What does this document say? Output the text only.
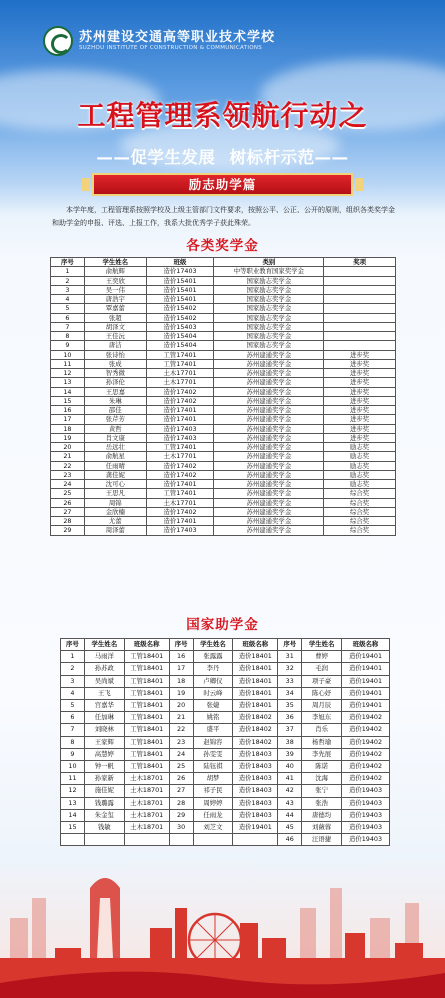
苏州建设交通高等职业技术学校
SUZHOU INSTITUTE OF CONSTRUCTION & COMMUNICATIONS
工程管理系领航行动之
——促学生发展 树标杆示范——
励志助学篇
本学年度，工程管理系按照学校及上级主管部门文件要求，按照公平、公正、公开的原则，组织各类奖学金和助学金的申报、评选、上报工作，我系大批优秀学子获此殊荣。
各类奖学金
序号	学生姓名	班级	类别	奖项
1	俞航辉	造价17403	中等职业教育国家奖学金	
2	王奕欣	造价15401	国家励志奖学金	
3	吴一伟	造价15401	国家励志奖学金	
4	唐浩宇	造价15401	国家励志奖学金	
5	覃嘉蕾	造价15402	国家励志奖学金	
6	张超	造价15402	国家励志奖学金	
7	胡泽文	造价15403	国家励志奖学金	
8	王佳沅	造价15404	国家励志奖学金	
9	唐洁	造价15404	国家励志奖学金	
10	张诗怡	工管17401	苏州建通奖学金	进步奖
11	张成	工管17401	苏州建通奖学金	进步奖
12	智秀微	土木17701	苏州建通奖学金	进步奖
13	孙泽伦	土木17701	苏州建通奖学金	进步奖
14	王思嘉	造价17402	苏州建通奖学金	进步奖
15	朱琳	造价17402	苏州建通奖学金	进步奖
16	邵佳	造价17401	苏州建通奖学金	进步奖
17	张芹芳	造价17401	苏州建通奖学金	进步奖
18	黄哲	造价17403	苏州建通奖学金	进步奖
19	肖文康	造价17403	苏州建通奖学金	进步奖
20	岳远壮	工管17401	苏州建通奖学金	励志奖
21	俞航星	土木17701	苏州建通奖学金	励志奖
22	任雨晴	造价17402	苏州建通奖学金	励志奖
23	龚佳妮	造价17402	苏州建通奖学金	励志奖
24	沈可心	造价17401	苏州建通奖学金	励志奖
25	王思凡	工管17401	苏州建通奖学金	综合奖
26	周锦	土木17701	苏州建通奖学金	综合奖
27	金欣楠	造价17402	苏州建通奖学金	综合奖
28	尤蕾	造价17401	苏州建通奖学金	综合奖
29	周泽蕾	造价17403	苏州建通奖学金	综合奖
国家助学金
序号	学生姓名	班级名称	序号	学生姓名	班级名称	序号	学生姓名	班级名称
1	马雨洋	工管18401	16	张露露	造价18401	31	曹婷	造价19401
2	孙苏政	工管18401	17	李丹	造价18401	32	毛润	造价19401
3	吴尚斌	工管18401	18	卢卿仪	造价18401	33	项子豪	造价19401
4	王飞	工管18401	19	时云峰	造价18401	34	陈心妤	造价19401
5	宫嘉华	工管18401	20	张婕	造价18401	35	周月辰	造价19401
6	任加琳	工管18401	21	姚铭	造价18402	36	李旭东	造价19402
7	刘晓林	工管18401	22	盛平	造价18402	37	肖乐	造价19402
8	王家辉	工管18401	23	赵锦容	造价18402	38	杨哲瑜	造价19402
9	高慧婷	工管18401	24	孙雯雯	造价18403	39	李先展	造价19402
10	钟一帆	工管18401	25	陆钰祺	造价18403	40	陈诺	造价19402
11	孙家新	土木18701	26	胡梦	造价18403	41	沈海	造价19402
12	施佳妮	土木18701	27	祁子民	造价18403	42	张宁	造价19403
13	钱璐露	土木18701	28	周婷婷	造价18403	43	张浩	造价19403
14	朱金玺	土木18701	29	任雨龙	造价18403	44	唐德均	造价19403
15	钱敏	土木18701	30	刘芝文	造价19401	45	刘薇蓉	造价19403
						46	汪语捷	造价19403
